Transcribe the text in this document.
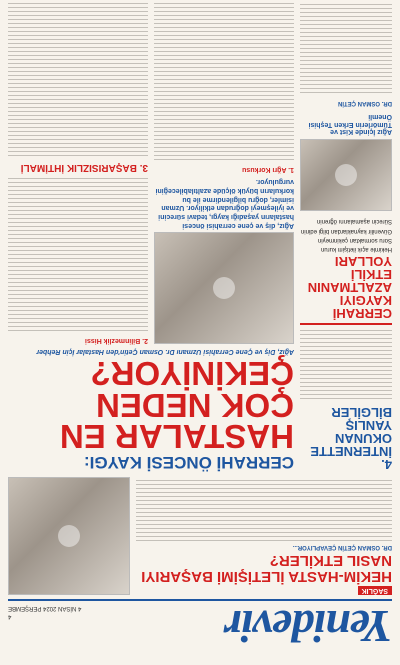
Yenidevir
4
4 NİSAN 2024 PERŞEMBE
SAĞLIK
HEKİM-HASTA İLETİŞİMİ BAŞARIYI NASIL ETKİLER?
DR. OSMAN ÇETİN ÇEVAPLIYOR...
4. İNTERNETTE OKUNAN YANLIŞ BİLGİLER
CERRAHİ KAYGIYI AZALTMANIN ETKİLİ YOLLARI
Hekimle açık iletişim kurun
Soru sormaktan çekinmeyin
Güvenilir kaynaklardan bilgi edinin
Sürecin aşamalarını öğrenin
Ağız İçinde Kist ve Tümörlerin Erken Teşhisi Önemli
DR. OSMAN ÇETİN
CERRAHİ ÖNCESİ KAYGI:
HASTALAR EN ÇOK NEDEN ÇEKİNİYOR?
Ağız, Diş ve Çene Cerrahisi Uzmanı Dr. Osman Çetin'den Hastalar İçin Rehber
Ağız, diş ve çene cerrahisi öncesi hastaların yaşadığı kaygı, tedavi sürecini ve iyileşmeyi doğrudan etkiliyor. Uzman isimler, doğru bilgilendirme ile bu korkuların büyük ölçüde azaltılabileceğini vurguluyor.
1. Ağrı Korkusu
2. Bilinmezlik Hissi
3. BAŞARISIZLIK İHTİMALİ
